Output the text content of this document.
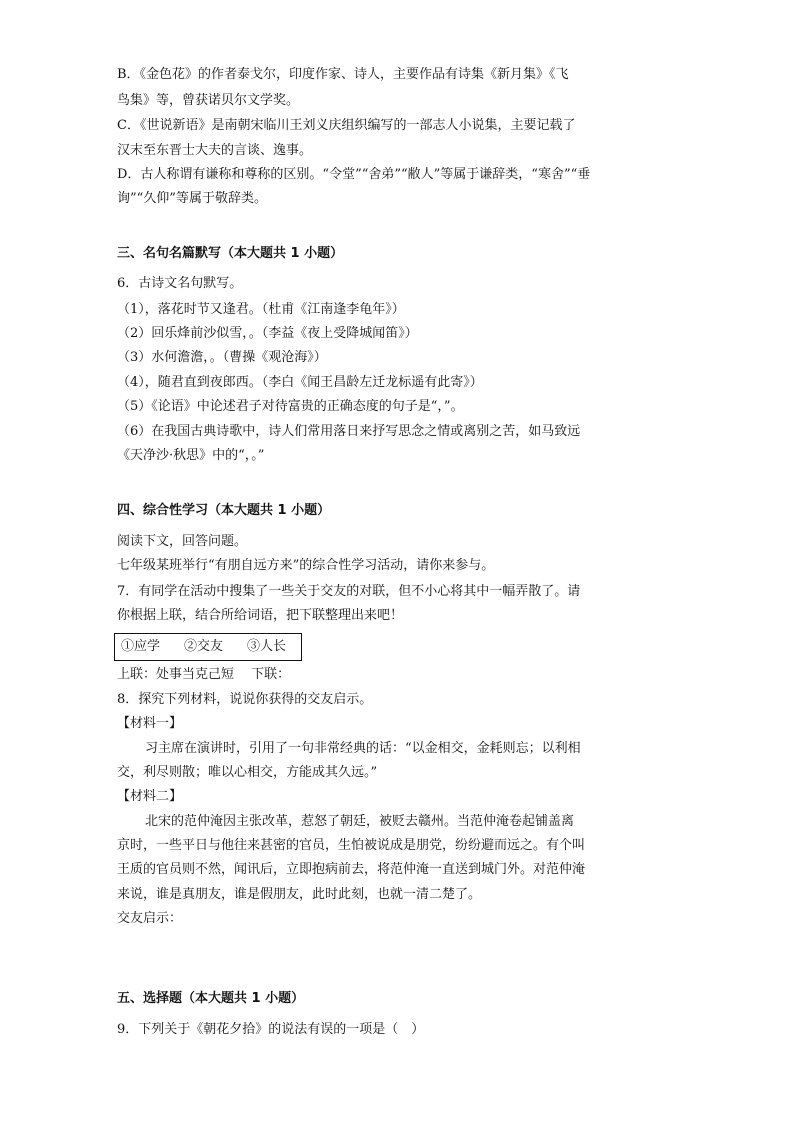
B．《金色花》的作者泰戈尔，印度作家、诗人，主要作品有诗集《新月集》《飞
鸟集》等，曾获诺贝尔文学奖。
C．《世说新语》是南朝宋临川王刘义庆组织编写的一部志人小说集，主要记载了
汉末至东晋士大夫的言谈、逸事。
D．古人称谓有谦称和尊称的区别。“令堂”“舍弟”“敝人”等属于谦辞类，“寒舍”“垂
询”“久仰”等属于敬辞类。
三、名句名篇默写（本大题共 1 小题）
6．古诗文名句默写。
（1），落花时节又逢君。（杜甫《江南逢李龟年》）
（2）回乐烽前沙似雪，。（李益《夜上受降城闻笛》）
（3）水何澹澹，。（曹操《观沧海》）
（4），随君直到夜郎西。（李白《闻王昌龄左迁龙标遥有此寄》）
（5）《论语》中论述君子对待富贵的正确态度的句子是“，”。
（6）在我国古典诗歌中，诗人们常用落日来抒写思念之情或离别之苦，如马致远
《天净沙·秋思》中的“，。”
四、综合性学习（本大题共 1 小题）
阅读下文，回答问题。
七年级某班举行“有朋自远方来”的综合性学习活动，请你来参与。
7．有同学在活动中搜集了一些关于交友的对联，但不小心将其中一幅弄散了。请
你根据上联，结合所给词语，把下联整理出来吧！
①应学 ②交友 ③人长
上联：处事当克己短　 下联：
8．探究下列材料，说说你获得的交友启示。
【材料一】
习主席在演讲时，引用了一句非常经典的话：“以金相交，金耗则忘；以利相
交，利尽则散；唯以心相交，方能成其久远。”
【材料二】
北宋的范仲淹因主张改革，惹怒了朝廷，被贬去赣州。当范仲淹卷起铺盖离
京时，一些平日与他往来甚密的官员，生怕被说成是朋党，纷纷避而远之。有个叫
王质的官员则不然，闻讯后，立即抱病前去，将范仲淹一直送到城门外。对范仲淹
来说，谁是真朋友，谁是假朋友，此时此刻，也就一清二楚了。
交友启示：
五、选择题（本大题共 1 小题）
9．下列关于《朝花夕拾》的说法有误的一项是（　）
